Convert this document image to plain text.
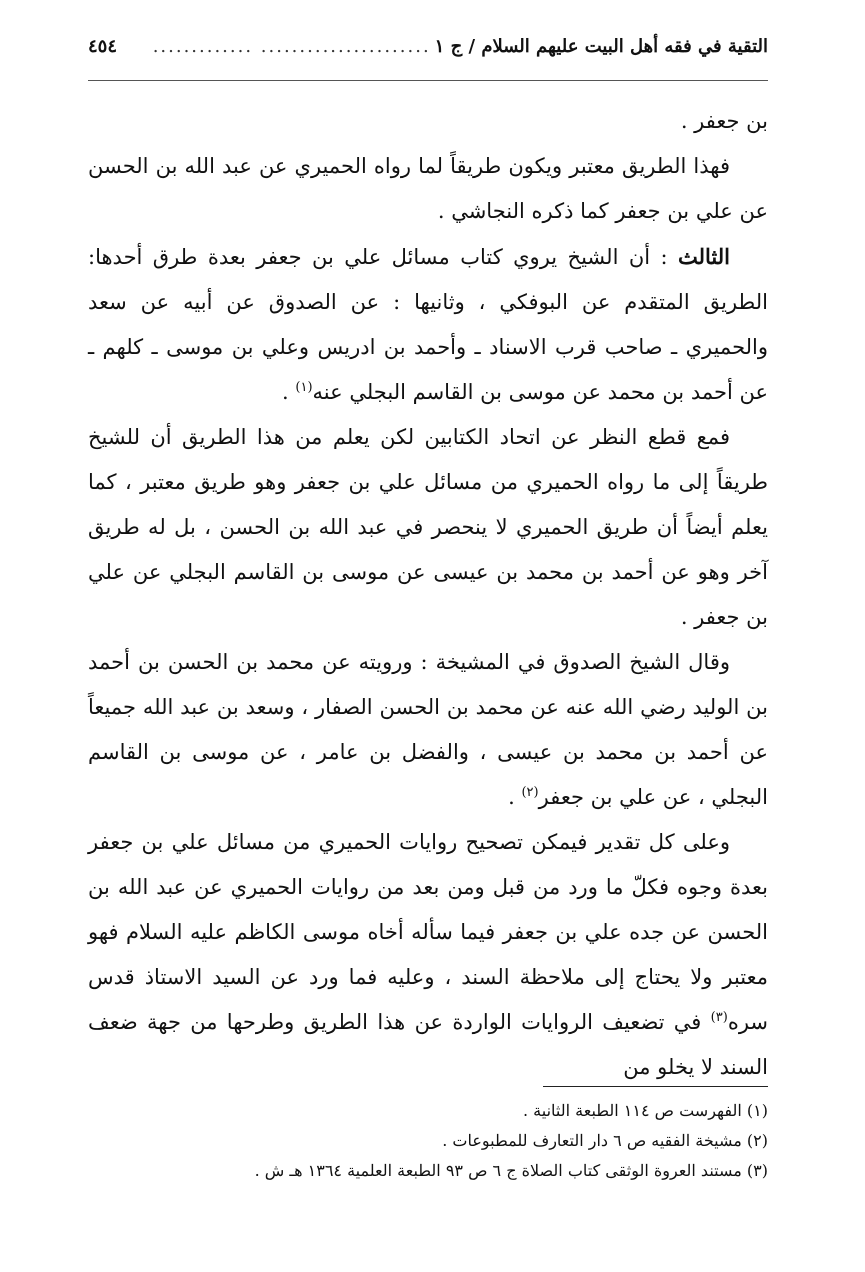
التقية في فقه أهل البيت عليهم السلام / ج ١
...................... .............
٤٥٤

بن جعفر .

فهذا الطريق معتبر ويكون طريقاً لما رواه الحميري عن عبد الله بن الحسن عن علي بن جعفر كما ذكره النجاشي .

الثالث : أن الشيخ يروي كتاب مسائل علي بن جعفر بعدة طرق أحدها: الطريق المتقدم عن البوفكي ، وثانيها : عن الصدوق عن أبيه عن سعد والحميري ـ صاحب قرب الاسناد ـ وأحمد بن ادريس وعلي بن موسى ـ كلهم ـ عن أحمد بن محمد عن موسى بن القاسم البجلي عنه$^{(١)}$ .

فمع قطع النظر عن اتحاد الكتابين لكن يعلم من هذا الطريق أن للشيخ طريقاً إلى ما رواه الحميري من مسائل علي بن جعفر وهو طريق معتبر ، كما يعلم أيضاً أن طريق الحميري لا ينحصر في عبد الله بن الحسن ، بل له طريق آخر وهو عن أحمد بن محمد بن عيسى عن موسى بن القاسم البجلي عن علي بن جعفر .

وقال الشيخ الصدوق في المشيخة : ورويته عن محمد بن الحسن بن أحمد بن الوليد رضي الله عنه عن محمد بن الحسن الصفار ، وسعد بن عبد الله جميعاً عن أحمد بن محمد بن عيسى ، والفضل بن عامر ، عن موسى بن القاسم البجلي ، عن علي بن جعفر$^{(٢)}$ .

وعلى كل تقدير فيمكن تصحيح روايات الحميري من مسائل علي بن جعفر بعدة وجوه فكلّ ما ورد من قبل ومن بعد من روايات الحميري عن عبد الله بن الحسن عن جده علي بن جعفر فيما سأله أخاه موسى الكاظم عليه السلام فهو معتبر ولا يحتاج إلى ملاحظة السند ، وعليه فما ورد عن السيد الاستاذ قدس سره$^{(٣)}$ في تضعيف الروايات الواردة عن هذا الطريق وطرحها من جهة ضعف السند لا يخلو من

(١) الفهرست ص ١١٤ الطبعة الثانية .

(٢) مشيخة الفقيه ص ٦ دار التعارف للمطبوعات .

(٣) مستند العروة الوثقى كتاب الصلاة ج ٦ ص ٩٣ الطبعة العلمية ١٣٦٤ هـ ش .
